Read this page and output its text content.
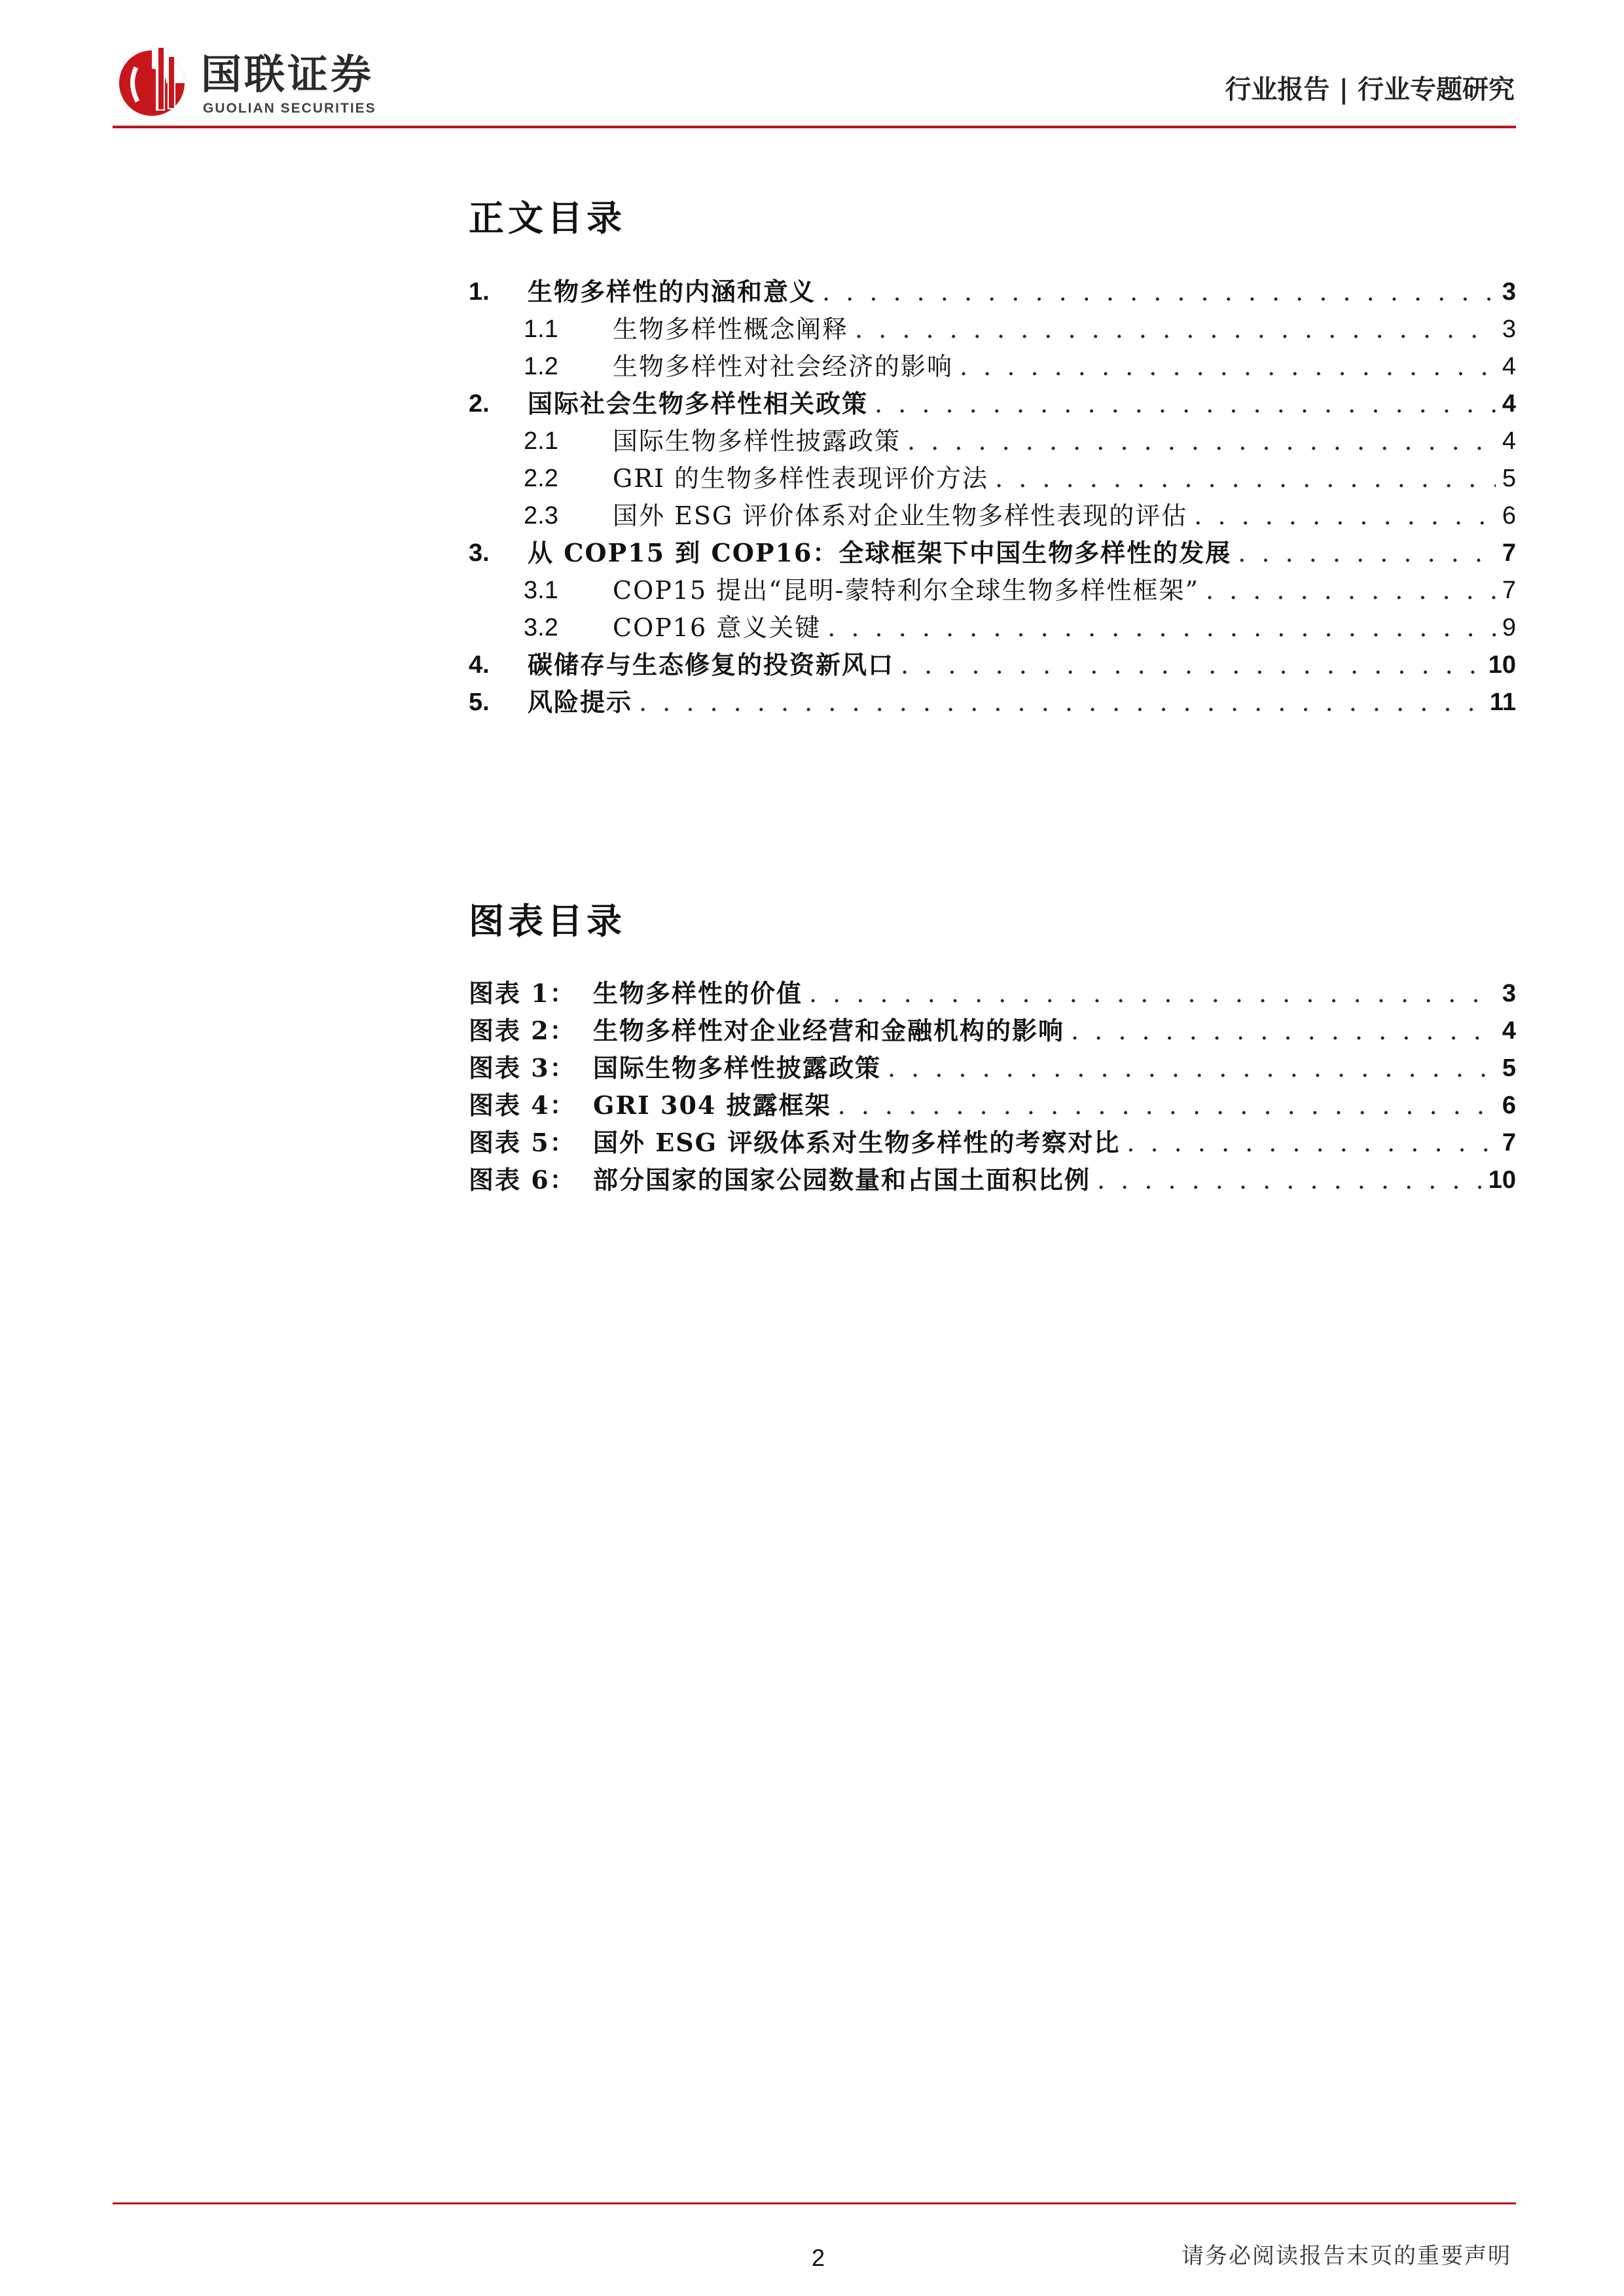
国联证券
GUOLIAN SECURITIES
行业报告 | 行业专题研究
正文目录
1.	生物多样性的内涵和意义 . . .	3
1.1	生物多样性概念阐释 . . .	3
1.2	生物多样性对社会经济的影响 . . .	4
2.	国际社会生物多样性相关政策 . . .	4
2.1	国际生物多样性披露政策 . . .	4
2.2	GRI 的生物多样性表现评价方法 . . .	5
2.3	国外 ESG 评价体系对企业生物多样性表现的评估 . . .	6
3.	从 COP15 到 COP16：全球框架下中国生物多样性的发展 . . .	7
3.1	COP15 提出“昆明-蒙特利尔全球生物多样性框架” . . .	7
3.2	COP16 意义关键 . . .	9
4.	碳储存与生态修复的投资新风口 . . .	10
5.	风险提示 . . .	11
图表目录
图表 1： 生物多样性的价值 . . .	3
图表 2： 生物多样性对企业经营和金融机构的影响 . . .	4
图表 3： 国际生物多样性披露政策 . . .	5
图表 4： GRI 304 披露框架 . . .	6
图表 5： 国外 ESG 评级体系对生物多样性的考察对比 . . .	7
图表 6： 部分国家的国家公园数量和占国土面积比例 . . .	10
2	请务必阅读报告末页的重要声明
